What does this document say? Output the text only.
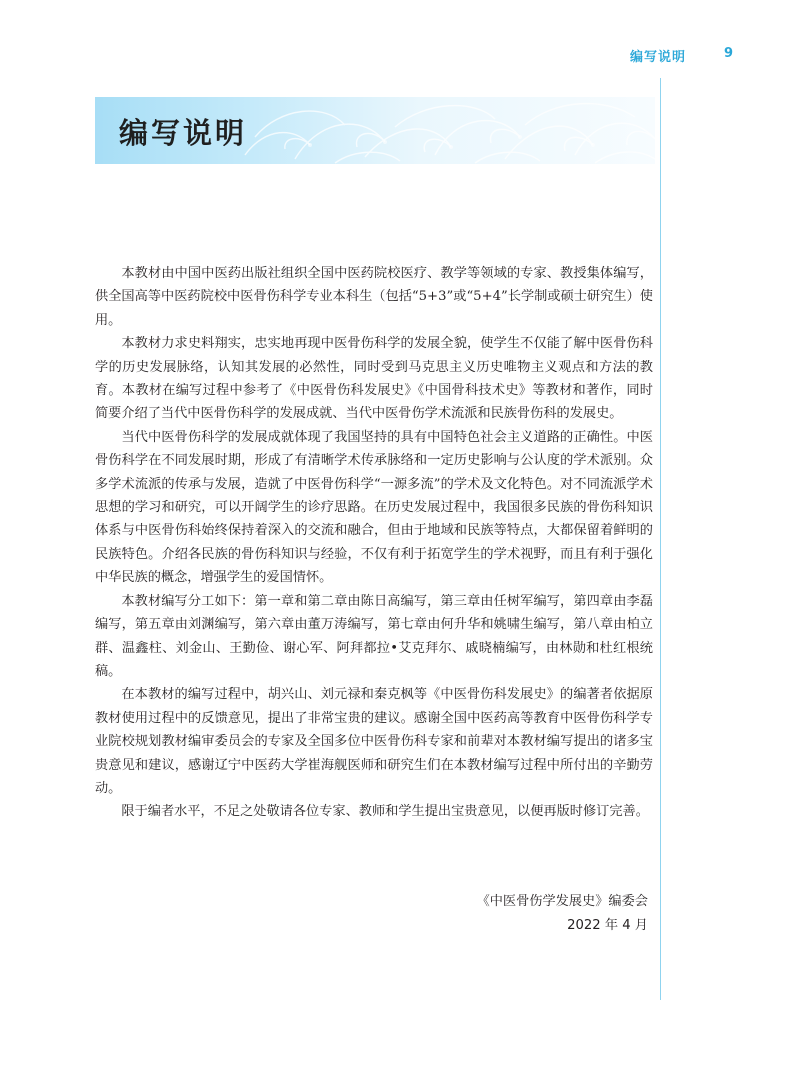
编写说明	9
编写说明

本教材由中国中医药出版社组织全国中医药院校医疗、教学等领域的专家、教授集体编写，供全国高等中医药院校中医骨伤科学专业本科生（包括“5+3”或“5+4”长学制或硕士研究生）使用。

本教材力求史料翔实，忠实地再现中医骨伤科学的发展全貌，使学生不仅能了解中医骨伤科学的历史发展脉络，认知其发展的必然性，同时受到马克思主义历史唯物主义观点和方法的教育。本教材在编写过程中参考了《中医骨伤科发展史》《中国骨科技术史》等教材和著作，同时简要介绍了当代中医骨伤科学的发展成就、当代中医骨伤学术流派和民族骨伤科的发展史。

当代中医骨伤科学的发展成就体现了我国坚持的具有中国特色社会主义道路的正确性。中医骨伤科学在不同发展时期，形成了有清晰学术传承脉络和一定历史影响与公认度的学术派别。众多学术流派的传承与发展，造就了中医骨伤科学“一源多流”的学术及文化特色。对不同流派学术思想的学习和研究，可以开阔学生的诊疗思路。在历史发展过程中，我国很多民族的骨伤科知识体系与中医骨伤科始终保持着深入的交流和融合，但由于地域和民族等特点，大都保留着鲜明的民族特色。介绍各民族的骨伤科知识与经验，不仅有利于拓宽学生的学术视野，而且有利于强化中华民族的概念，增强学生的爱国情怀。

本教材编写分工如下：第一章和第二章由陈日高编写，第三章由任树军编写，第四章由李磊编写，第五章由刘渊编写，第六章由董万涛编写，第七章由何升华和姚啸生编写，第八章由柏立群、温鑫柱、刘金山、王勤俭、谢心军、阿拜都拉•艾克拜尔、戚晓楠编写，由林勋和杜红根统稿。

在本教材的编写过程中，胡兴山、刘元禄和秦克枫等《中医骨伤科发展史》的编著者依据原教材使用过程中的反馈意见，提出了非常宝贵的建议。感谢全国中医药高等教育中医骨伤科学专业院校规划教材编审委员会的专家及全国多位中医骨伤科专家和前辈对本教材编写提出的诸多宝贵意见和建议，感谢辽宁中医药大学崔海舰医师和研究生们在本教材编写过程中所付出的辛勤劳动。

限于编者水平，不足之处敬请各位专家、教师和学生提出宝贵意见，以便再版时修订完善。

《中医骨伤学发展史》编委会
2022 年 4 月
